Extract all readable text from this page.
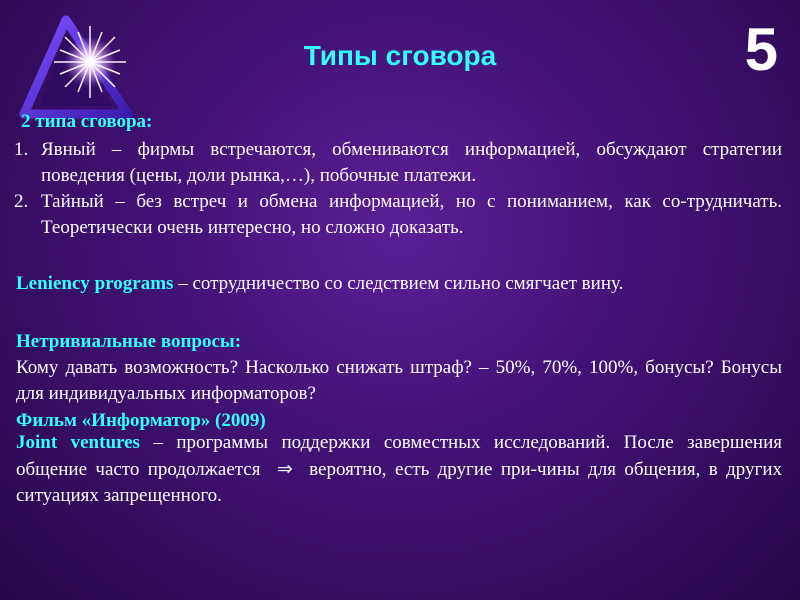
Типы сговора	5
2 типа сговора:
1. Явный – фирмы встречаются, обмениваются информацией, обсуждают стратегии поведения (цены, доли рынка,…), побочные платежи.
2. Тайный – без встреч и обмена информацией, но с пониманием, как со-трудничать. Теоретически очень интересно, но сложно доказать.
Leniency programs – сотрудничество со следствием сильно смягчает вину.
Нетривиальные вопросы:
Кому давать возможность? Насколько снижать штраф? – 50%, 70%, 100%, бонусы? Бонусы для индивидуальных информаторов?
Фильм «Информатор» (2009)
Joint ventures – программы поддержки совместных исследований. После завершения общение часто продолжается ⇒ вероятно, есть другие при-чины для общения, в других ситуациях запрещенного.
